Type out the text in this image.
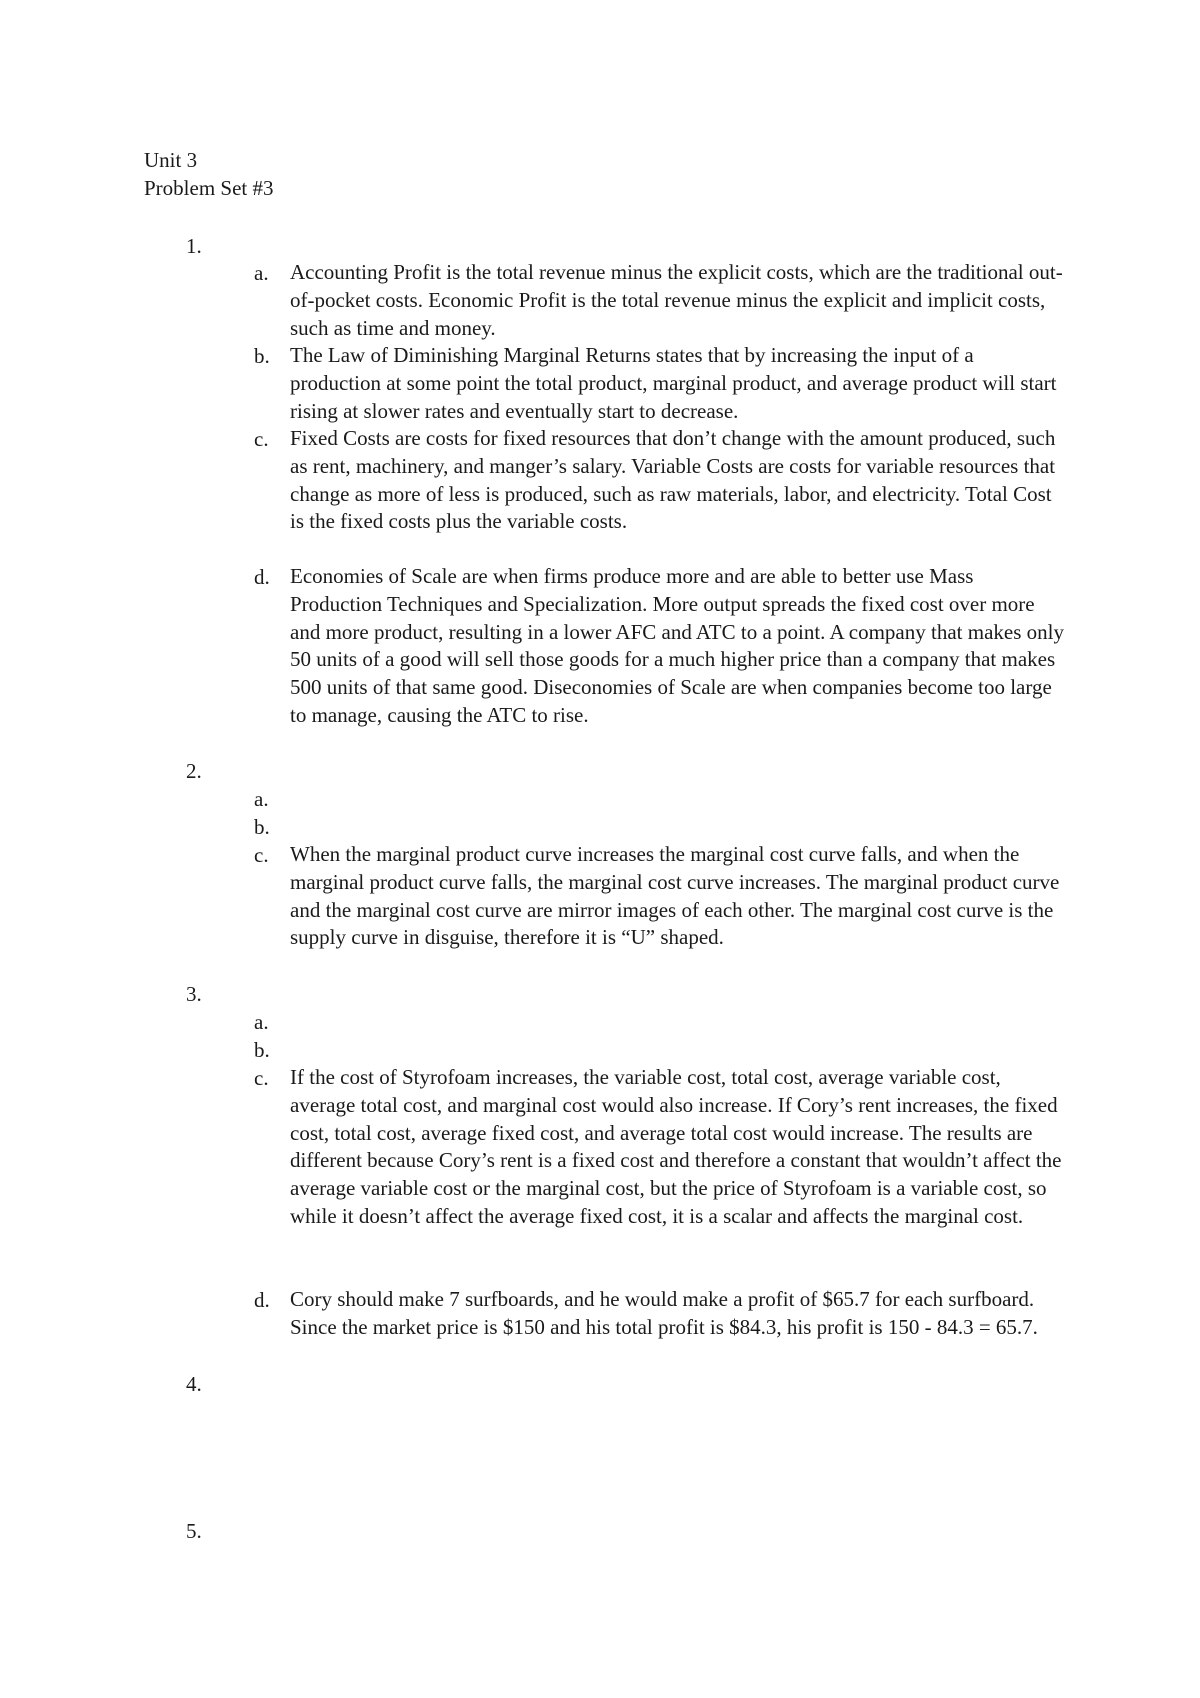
Unit 3
Problem Set #3
1.
a. Accounting Profit is the total revenue minus the explicit costs, which are the traditional out-of-pocket costs. Economic Profit is the total revenue minus the explicit and implicit costs, such as time and money.
b. The Law of Diminishing Marginal Returns states that by increasing the input of a production at some point the total product, marginal product, and average product will start rising at slower rates and eventually start to decrease.
c. Fixed Costs are costs for fixed resources that don’t change with the amount produced, such as rent, machinery, and manger’s salary. Variable Costs are costs for variable resources that change as more of less is produced, such as raw materials, labor, and electricity. Total Cost is the fixed costs plus the variable costs.
d. Economies of Scale are when firms produce more and are able to better use Mass Production Techniques and Specialization. More output spreads the fixed cost over more and more product, resulting in a lower AFC and ATC to a point. A company that makes only 50 units of a good will sell those goods for a much higher price than a company that makes 500 units of that same good. Diseconomies of Scale are when companies become too large to manage, causing the ATC to rise.
2.
a.
b.
c. When the marginal product curve increases the marginal cost curve falls, and when the marginal product curve falls, the marginal cost curve increases. The marginal product curve and the marginal cost curve are mirror images of each other. The marginal cost curve is the supply curve in disguise, therefore it is “U” shaped.
3.
a.
b.
c. If the cost of Styrofoam increases, the variable cost, total cost, average variable cost, average total cost, and marginal cost would also increase. If Cory’s rent increases, the fixed cost, total cost, average fixed cost, and average total cost would increase. The results are different because Cory’s rent is a fixed cost and therefore a constant that wouldn’t affect the average variable cost or the marginal cost, but the price of Styrofoam is a variable cost, so while it doesn’t affect the average fixed cost, it is a scalar and affects the marginal cost.
d. Cory should make 7 surfboards, and he would make a profit of $65.7 for each surfboard. Since the market price is $150 and his total profit is $84.3, his profit is 150 - 84.3 = 65.7.
4.
5.
